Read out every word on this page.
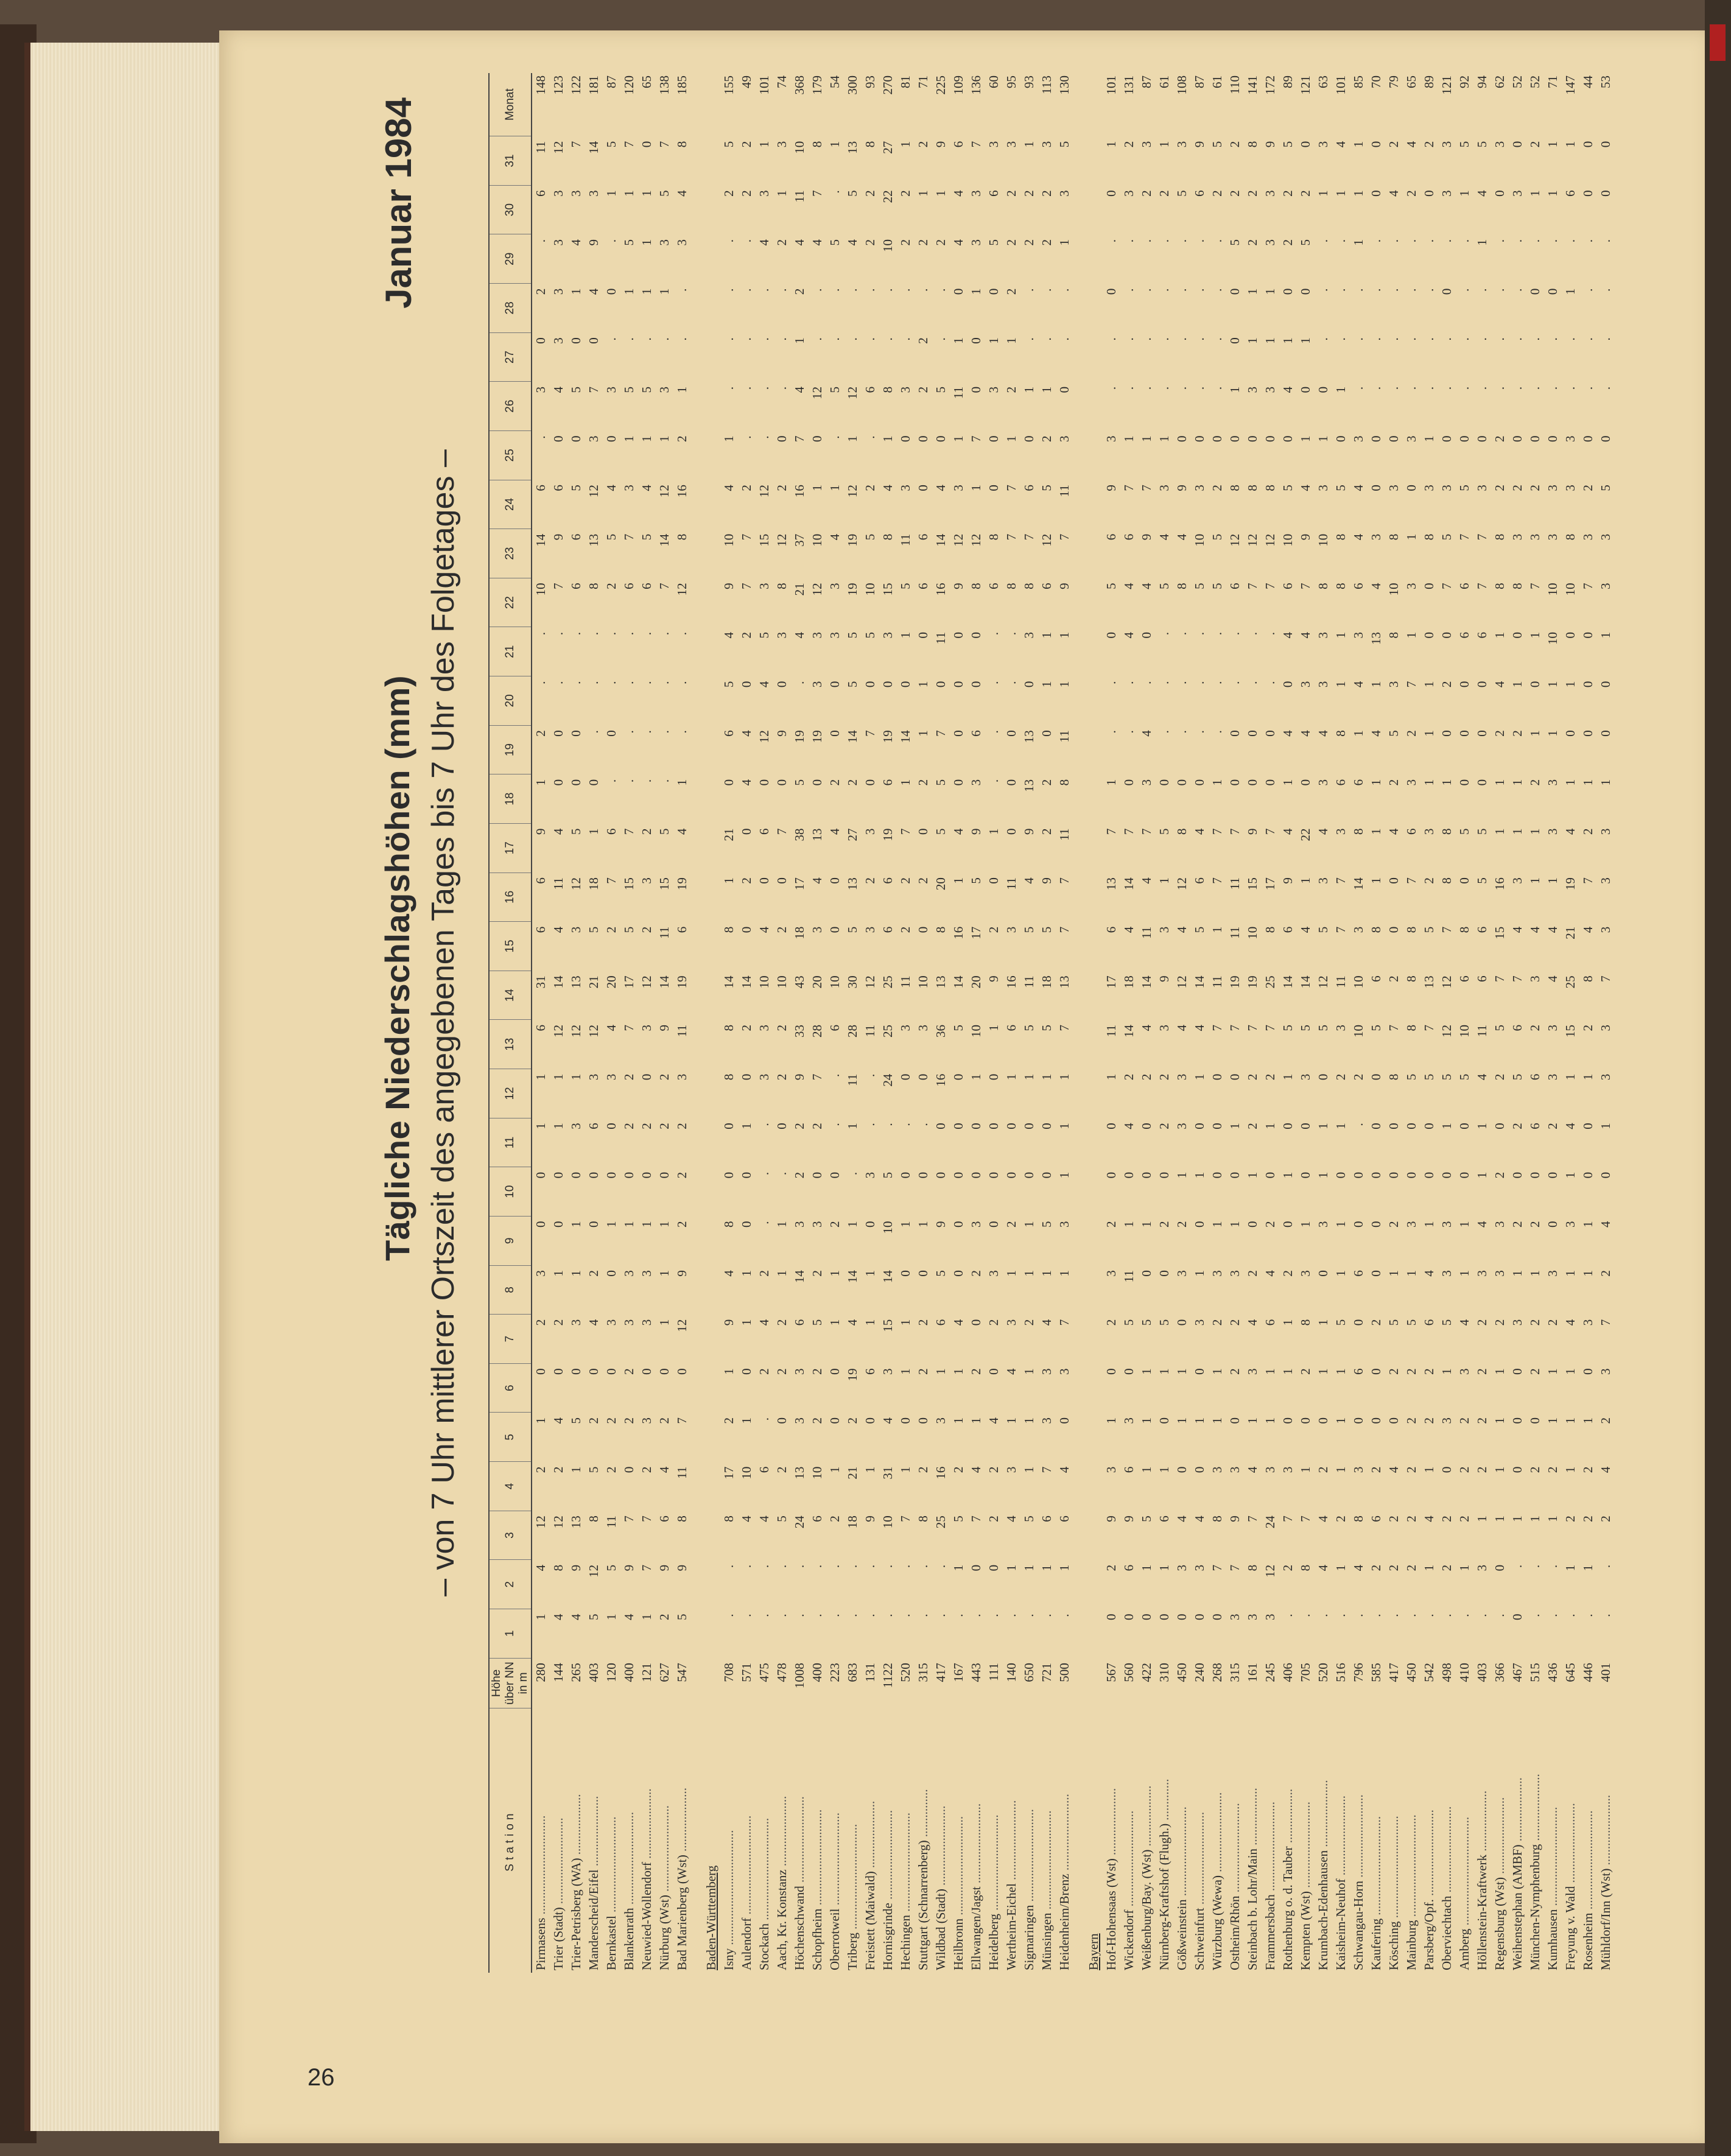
26
Tägliche Niederschlagshöhen (mm)
Januar 1984
– von 7 Uhr mittlerer Ortszeit des angegebenen Tages bis 7 Uhr des Folgetages –
Station	Höhe über NN in m	1	2	3	4	5	6	7	8	9	10	11	12	13	14	15	16	17	18	19	20	21	22	23	24	25	26	27	28	29	30	31	Monat
Pirmasens ...............................	280	1	4	12	2	1	0	2	3	0	0	1	1	6	31	6	6	9	1	2	.	.	10	14	6	.	3	0	2	.	6	11	148
Trier (Stadt) ...........................	144	4	8	12	2	4	0	2	1	0	0	1	1	12	14	4	11	4	0	0	.	.	7	9	6	0	4	3	3	3	3	12	123
Trier-Petrisberg (WA) ...................	265	4	9	13	1	5	0	3	1	1	0	3	1	12	13	3	12	5	0	0	.	.	6	6	5	0	5	0	1	4	3	7	122
Manderscheid/Eifel ......................	403	5	12	8	5	2	0	4	2	0	0	6	3	12	21	5	18	1	0	.	.	.	8	13	12	3	7	0	4	9	3	14	181
Bernkastel ..............................	120	1	5	11	2	2	0	3	0	1	0	0	3	4	20	2	7	6	.	0	.	.	2	5	4	0	3	.	0	.	1	5	87
Blankenrath .............................	400	4	9	7	0	2	2	3	3	1	0	2	2	7	17	5	15	7	.	.	.	.	6	7	3	1	5	.	1	5	1	7	120
Neuwied-Wollendorf ......................	121	1	7	7	2	3	0	3	3	1	0	2	0	3	12	2	3	2	.	.	.	.	6	5	4	1	5	.	1	1	1	0	65
Nürburg (Wst) ...........................	627	2	9	6	4	2	0	1	1	1	0	2	2	9	14	11	15	5	.	.	.	.	7	14	12	1	3	.	1	3	5	7	138
Bad Marienberg (Wst) ....................	547	5	9	8	11	7	0	12	9	2	2	2	3	11	19	6	19	4	1	.	.	.	12	8	16	2	1	.	.	3	4	8	185
Baden-Württemberg																																	
Isny ....................................	708	.	.	8	17	2	1	9	4	8	0	0	8	8	14	8	1	21	0	6	5	4	9	10	4	1	.	.	.	.	2	5	155
Aulendorf ...............................	571	.	.	4	10	1	0	1	1	0	0	1	0	2	14	0	2	0	4	4	0	2	7	7	2	.	.	.	.	.	2	2	49
Stockach ................................	475	.	.	4	6	.	2	4	2	.	.	.	3	3	10	4	0	6	0	12	4	5	3	15	12	.	.	.	.	4	3	1	101
Aach, Kr. Konstanz ......................	478	.	.	5	2	0	2	2	1	1	.	0	2	2	10	2	0	7	0	9	0	3	8	12	2	0	.	.	.	2	1	3	74
Höchenschwand ...........................	1008	.	.	24	13	3	3	6	14	3	2	2	9	33	43	18	17	38	5	19	.	4	21	37	16	7	4	1	2	4	11	10	368
Schopfheim ..............................	400	.	.	6	10	2	2	5	2	3	0	2	7	28	20	3	4	13	0	19	3	3	12	10	1	0	12	.	.	4	7	8	179
Oberrotweil .............................	223	.	.	2	1	0	0	1	1	2	0	.	.	6	10	0	0	4	2	0	0	3	3	4	1	.	5	.	.	5	.	1	54
Triberg .................................	683	.	.	18	21	2	19	4	14	1	.	1	11	28	30	5	13	27	2	14	5	5	19	19	12	1	12	.	.	4	5	13	300
Freistett (Maiwald) .....................	131	.	.	9	1	0	6	1	1	0	3	.	.	11	12	3	2	3	0	7	0	5	10	5	2	.	6	.	.	2	2	8	93
Hornisgrinde ............................	1122	.	.	10	31	4	3	15	14	10	5	.	24	25	25	6	6	19	6	19	0	3	15	8	4	1	8	.	.	10	22	27	270
Hechingen ...............................	520	.	.	7	1	0	1	1	0	1	0	.	0	3	11	2	2	7	1	14	0	1	5	11	3	0	3	.	.	2	2	1	81
Stuttgart (Schnarrenberg) ...............	315	.	.	8	2	0	2	2	0	1	0	.	0	3	10	0	2	0	2	1	1	0	6	6	0	0	2	2	.	2	1	2	71
Wildbad (Stadt) .........................	417	.	.	25	16	3	1	6	5	9	0	0	16	36	13	8	20	5	5	7	0	11	16	14	4	0	5	.	.	2	1	9	225
Heilbronn ...............................	167	.	1	5	2	1	1	4	0	0	0	0	0	5	14	16	1	4	0	0	0	0	9	12	3	1	11	1	0	4	4	6	109
Ellwangen/Jagst .........................	443	.	0	7	4	1	2	0	2	3	0	0	1	10	20	17	5	9	3	6	0	0	8	12	1	7	0	0	1	3	3	7	136
Heidelberg ..............................	111	.	0	2	2	4	0	2	3	0	0	0	0	1	9	2	0	1	.	.	.	.	6	8	0	0	3	1	0	5	6	3	60
Wertheim-Eichel .........................	140	.	1	4	3	1	4	3	1	2	0	0	1	6	16	3	11	0	0	0	.	.	8	7	7	1	2	1	2	2	2	3	95
Sigmaringen .............................	650	.	1	5	1	1	1	2	1	1	0	0	1	5	11	5	4	9	13	13	0	3	8	7	6	0	1	.	.	2	2	1	93
Münsingen ...............................	721	.	1	6	7	3	3	4	1	5	0	0	1	5	18	5	9	2	2	0	1	1	6	12	5	2	1	.	.	2	2	3	113
Heidenheim/Brenz ........................	500	.	1	6	4	0	3	7	1	3	1	1	1	7	13	7	7	11	8	11	1	1	9	7	11	3	0	.	.	1	3	5	130
Bayern																																	
Hof-Hohensaas (Wst) .....................	567	0	2	9	3	1	0	2	3	2	0	0	1	11	17	6	13	7	1	.	.	0	5	6	9	3	.	.	0	.	0	1	101
Wickendorf ..............................	560	0	6	9	6	3	0	5	11	1	0	4	2	14	18	4	14	7	0	.	.	4	4	6	7	1	.	.	.	.	3	2	131
Weißenburg/Bay. (Wst) ...................	422	0	1	5	1	1	1	5	0	1	0	0	2	4	14	11	4	7	3	4	.	0	4	9	7	1	.	.	.	.	2	3	87
Nürnberg-Kraftshof (Flugh.) .............	310	0	1	6	1	0	1	5	0	2	0	2	2	3	9	3	1	5	0	.	.	.	5	4	3	1	.	.	.	.	2	1	61
Gößweinstein ............................	450	0	3	4	0	1	1	0	3	2	1	3	3	4	12	4	12	8	0	.	.	.	8	4	9	0	.	.	.	.	5	3	108
Schweinfurt .............................	240	0	3	4	0	1	0	3	1	0	1	0	1	4	14	5	6	4	0	.	.	.	5	10	3	0	.	.	.	.	6	9	87
Würzburg (Wewa) .........................	268	0	7	8	3	1	1	2	3	1	0	0	0	7	11	1	7	7	1	.	.	.	5	5	2	0	.	.	.	.	2	5	61
Ostheim/Rhön ............................	315	3	7	9	3	0	2	2	3	1	0	1	0	7	19	11	11	7	0	0	.	.	6	12	8	0	1	0	0	5	2	2	110
Steinbach b. Lohr/Main ..................	161	3	8	7	4	1	3	4	2	0	1	2	2	7	19	10	15	9	0	0	.	.	7	12	8	0	3	1	1	2	2	8	141
Frammersbach ............................	245	3	12	24	3	1	1	6	4	2	0	1	2	7	25	8	17	7	0	0	.	.	7	12	8	0	3	1	1	3	3	9	172
Rothenburg o. d. Tauber .................	406	.	2	7	3	0	1	1	2	0	1	0	1	5	14	6	9	4	1	4	0	4	6	10	5	0	4	1	0	2	2	5	89
Kempten (Wst) ...........................	705	.	8	7	1	0	2	8	3	1	0	0	3	5	14	4	1	22	0	4	3	4	7	9	4	1	0	1	0	5	2	0	121
Krumbach-Edenhausen .....................	520	.	4	4	2	0	1	1	0	3	1	1	0	5	12	5	3	4	3	4	3	3	8	10	3	1	0	.	.	.	1	3	63
Kaisheim-Neuhof .........................	516	.	1	2	1	1	1	5	1	1	0	1	2	3	11	7	7	3	6	8	1	1	8	8	5	0	1	.	.	.	1	4	101
Schwangau-Horn ..........................	796	.	4	8	3	0	6	0	6	0	0	.	2	10	10	3	14	8	6	1	4	3	6	4	4	3	.	.	.	1	1	1	85
Kaufering ...............................	585	.	2	6	2	0	0	2	0	0	0	0	0	5	6	8	1	1	1	4	1	13	4	3	0	0	.	.	.	.	0	0	70
Kösching ................................	417	.	2	2	4	0	2	5	1	2	0	0	8	7	2	0	0	4	2	5	3	8	10	8	3	0	.	.	.	.	4	2	79
Mainburg ................................	450	.	2	2	2	2	2	5	1	3	0	0	5	8	8	8	7	6	3	2	7	1	3	1	0	3	.	.	.	.	2	4	65
Parsberg/Opf. ...........................	542	.	1	4	1	2	2	6	4	1	0	0	5	7	13	5	2	3	1	1	1	0	0	8	3	1	.	.	.	.	0	2	89
Oberviechtach ...........................	498	.	2	2	0	3	1	5	3	3	0	1	5	12	12	7	8	8	1	0	2	0	7	5	3	0	.	.	0	.	3	3	121
Amberg ..................................	410	.	1	2	2	2	3	4	1	1	0	0	5	10	6	8	0	5	0	0	0	6	6	7	5	0	.	.	.	.	1	5	92
Höllenstein-Kraftwerk ...................	403	.	3	1	2	2	2	2	3	4	1	1	4	11	6	6	5	5	0	0	0	6	7	7	3	0	.	.	.	1	4	5	94
Regensburg (Wst) ........................	366	.	0	1	1	1	1	2	3	3	2	0	2	5	7	15	16	1	1	2	4	1	8	8	2	2	.	.	.	.	0	3	62
Weihenstephan (AMBF) ....................	467	0	.	1	0	0	0	3	1	2	0	2	5	6	7	4	3	1	1	2	1	0	8	3	2	0	.	.	.	.	3	0	52
München-Nymphenburg .....................	515	.	.	1	2	0	2	2	1	2	0	6	6	2	3	4	1	1	2	1	0	1	7	3	2	0	.	.	0	.	1	2	52
Kumhausen ...............................	436	.	.	1	2	1	1	2	3	0	0	2	3	3	4	4	1	3	3	1	1	10	10	3	3	0	.	.	0	.	1	1	71
Freyung v. Wald .........................	645	.	1	2	1	1	1	4	1	3	1	4	1	15	25	21	19	4	1	0	1	0	10	8	3	3	.	.	1	.	6	1	147
Rosenheim ...............................	446	.	1	2	2	1	0	3	1	1	0	0	1	2	8	4	7	2	1	0	0	0	7	3	2	0	.	.	.	.	0	0	44
Mühldorf/Inn (Wst) ......................	401	.	.	2	4	2	3	7	2	4	0	1	3	3	7	3	3	3	1	0	0	1	3	3	5	0	.	.	.	.	0	0	53
